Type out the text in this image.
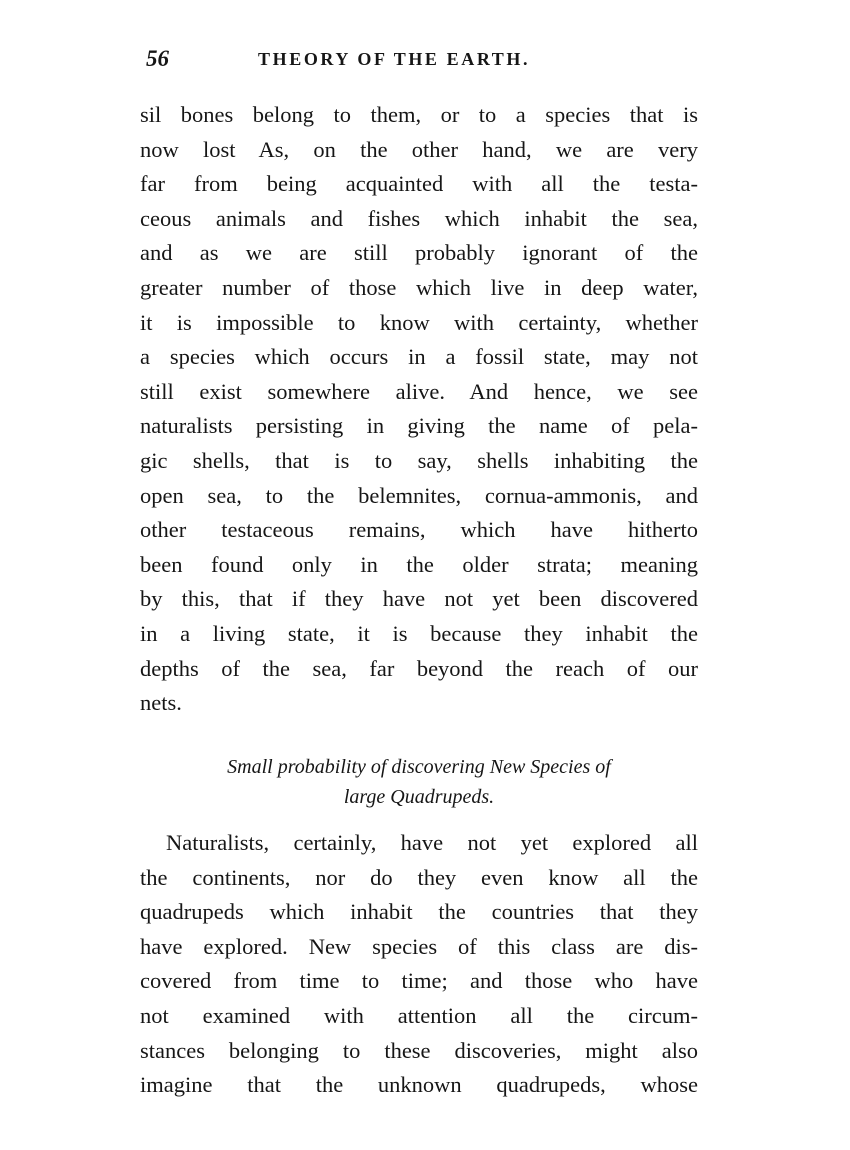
56	THEORY OF THE EARTH.
sil bones belong to them, or to a species that is
now lost As, on the other hand, we are very
far from being acquainted with all the testa-
ceous animals and fishes which inhabit the sea,
and as we are still probably ignorant of the
greater number of those which live in deep water,
it is impossible to know with certainty, whether
a species which occurs in a fossil state, may not
still exist somewhere alive. And hence, we see
naturalists persisting in giving the name of pela-
gic shells, that is to say, shells inhabiting the
open sea, to the belemnites, cornua-ammonis, and
other testaceous remains, which have hitherto
been found only in the older strata; meaning
by this, that if they have not yet been discovered
in a living state, it is because they inhabit the
depths of the sea, far beyond the reach of our
nets.
Small probability of discovering New Species of
large Quadrupeds.
Naturalists, certainly, have not yet explored all
the continents, nor do they even know all the
quadrupeds which inhabit the countries that they
have explored. New species of this class are dis-
covered from time to time; and those who have
not examined with attention all the circum-
stances belonging to these discoveries, might also
imagine that the unknown quadrupeds, whose
